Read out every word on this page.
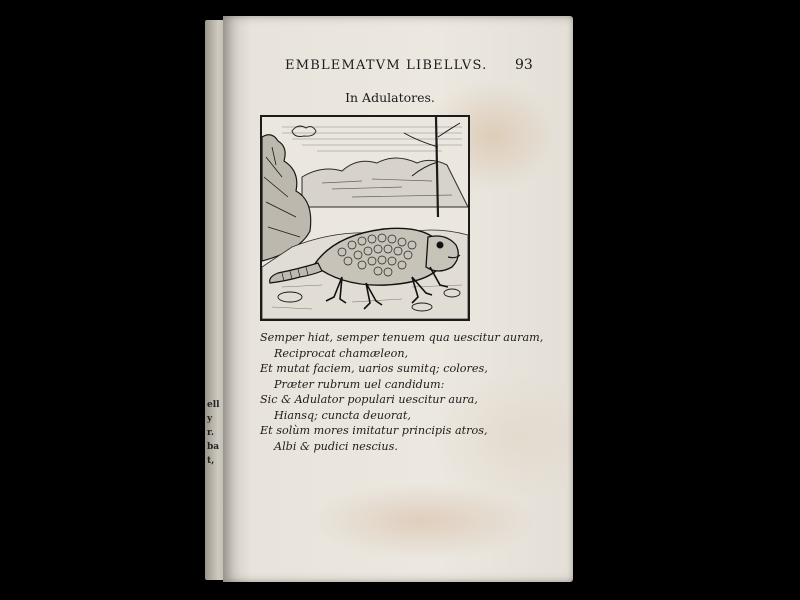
ell
y
r.
ba
t,
EMBLEMATVM LIBELLVS. 93
In Adulatores.
Semper hiat, semper tenuem qua uescitur auram,
Reciprocat chamæleon,
Et mutat faciem, uarios sumitq; colores,
Præter rubrum uel candidum:
Sic & Adulator populari uescitur aura,
Hiansq; cuncta deuorat,
Et solùm mores imitatur principis atros,
Albi & pudici nescius.
